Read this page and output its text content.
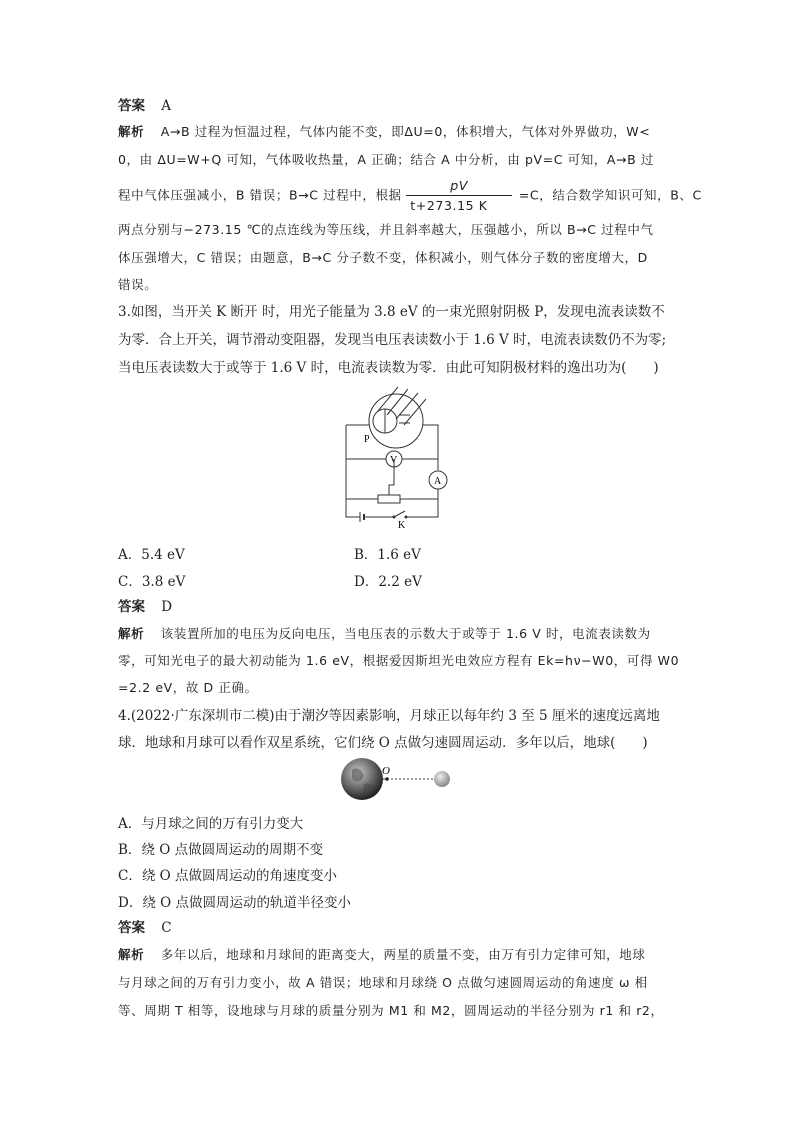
答案 A
解析 A→B 过程为恒温过程，气体内能不变，即ΔU=0，体积增大，气体对外界做功，W<
0，由 ΔU=W+Q 可知，气体吸收热量，A 正确；结合 A 中分析，由 pV=C 可知，A→B 过
程中气体压强减小，B 错误；B→C 过程中，根据 $\frac{pV}{t+273.15 K} =C$，结合数学知识可知，B、C
两点分别与−273.15 ℃的点连线为等压线，并且斜率越大，压强越小，所以 B→C 过程中气
体压强增大，C 错误；由题意，B→C 分子数不变，体积减小，则气体分子数的密度增大，D
错误。
3.如图，当开关 K 断开 时，用光子能量为 3.8 eV 的一束光照射阴极 P，发现电流表读数不
为零．合上开关，调节滑动变阻器，发现当电压表读数小于 1.6 V 时，电流表读数仍不为零;
当电压表读数大于或等于 1.6 V 时，电流表读数为零．由此可知阴极材料的逸出功为(　　)
P
V
A
K
A．5.4 eV	B．1.6 eV
C．3.8 eV	D．2.2 eV
答案 D
解析 该装置所加的电压为反向电压，当电压表的示数大于或等于 1.6 V 时，电流表读数为
零，可知光电子的最大初动能为 1.6 eV，根据爱因斯坦光电效应方程有 Ek=hν−W0，可得 W0
=2.2 eV，故 D 正确。
4.(2022·广东深圳市二模)由于潮汐等因素影响，月球正以每年约 3 至 5 厘米的速度远离地
球．地球和月球可以看作双星系统，它们绕 O 点做匀速圆周运动．多年以后，地球(　　)
O
A．与月球之间的万有引力变大
B．绕 O 点做圆周运动的周期不变
C．绕 O 点做圆周运动的角速度变小
D．绕 O 点做圆周运动的轨道半径变小
答案 C
解析 多年以后，地球和月球间的距离变大，两星的质量不变，由万有引力定律可知，地球
与月球之间的万有引力变小，故 A 错误；地球和月球绕 O 点做匀速圆周运动的角速度 ω 相
等、周期 T 相等，设地球与月球的质量分别为 M1 和 M2，圆周运动的半径分别为 r1 和 r2，
